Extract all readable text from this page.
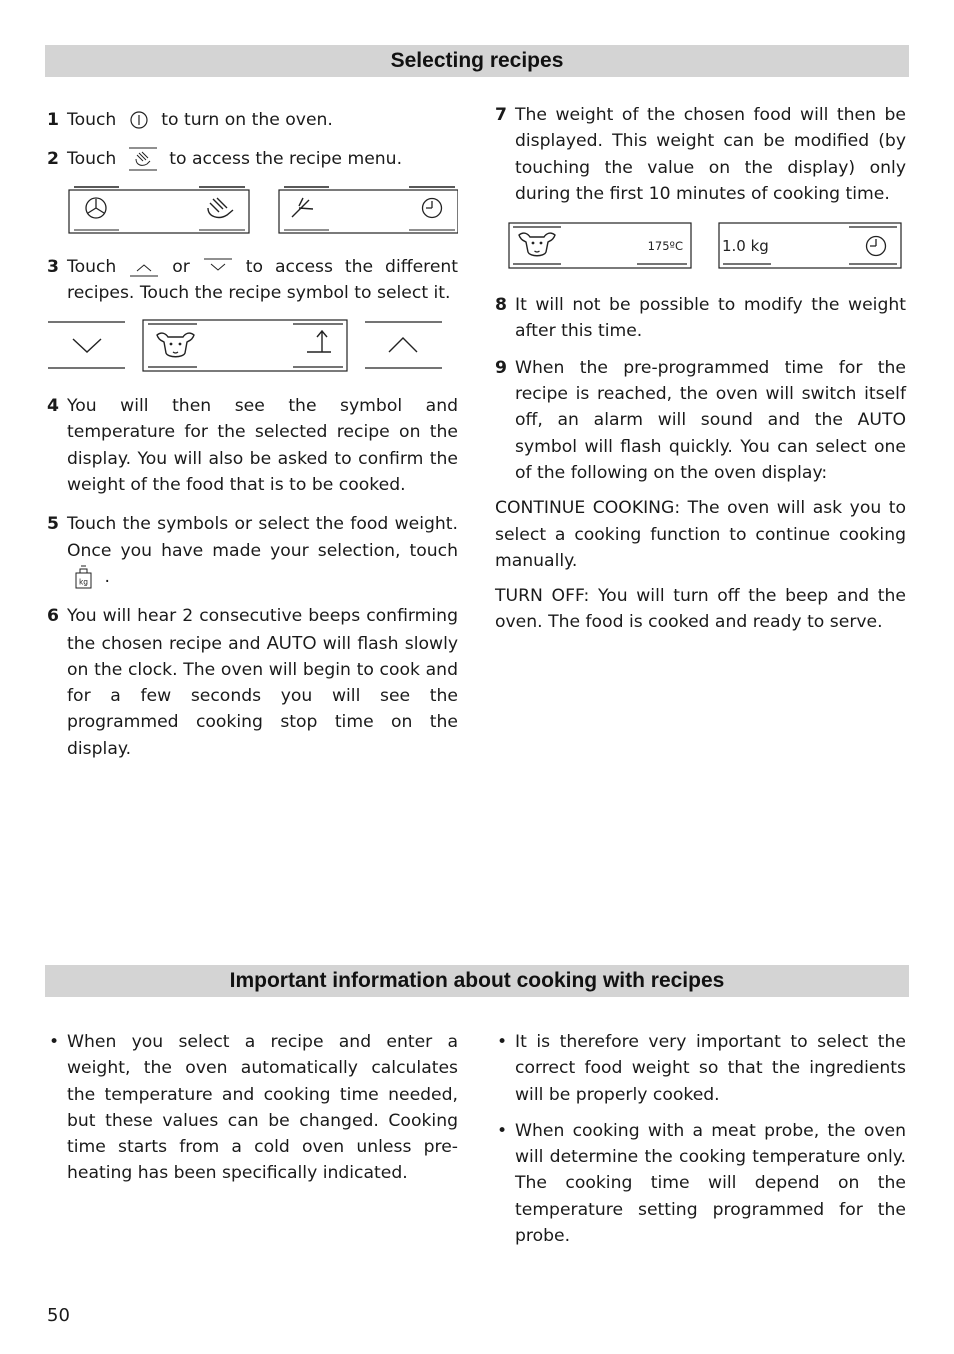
Selecting recipes
1 Touch	to turn on the oven.
2 Touch	to access the recipe menu.
3 Touch	or	to access the different recipes. Touch the recipe symbol to select it.
4 You will then see the symbol and temperature for the selected recipe on the display. You will also be asked to confirm the weight of the food that is to be cooked.
5 Touch the symbols or select the food weight. Once you have made your selection, touch
kg .
6 You will hear 2 consecutive beeps confirming the chosen recipe and AUTO will flash slowly on the clock. The oven will begin to cook and for a few seconds you will see the programmed cooking stop time on the display.
7 The weight of the chosen food will then be displayed. This weight can be modified (by touching the value on the display) only during the first 10 minutes of cooking time.
175ºC	1.0 kg
8 It will not be possible to modify the weight after this time.
9 When the pre-programmed time for the recipe is reached, the oven will switch itself off, an alarm will sound and the AUTO symbol will flash quickly. You can select one of the following on the oven display:

CONTINUE COOKING: The oven will ask you to select a cooking function to continue cooking manually.

TURN OFF: You will turn off the beep and the oven. The food is cooked and ready to serve.

Important information about cooking with recipes
• When you select a recipe and enter a weight, the oven automatically calculates the temperature and cooking time needed, but these values can be changed. Cooking time starts from a cold oven unless pre-heating has been specifically indicated.
• It is therefore very important to select the correct food weight so that the ingredients will be properly cooked.
• When cooking with a meat probe, the oven will determine the cooking temperature only. The cooking time will depend on the temperature setting programmed for the probe.
50
